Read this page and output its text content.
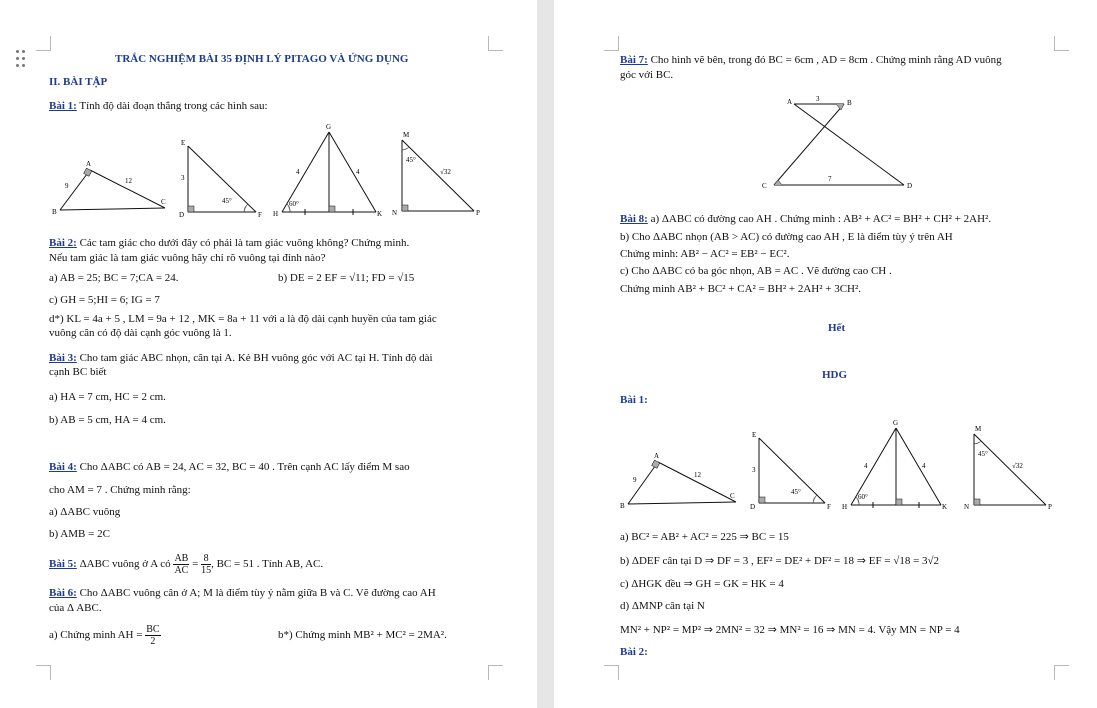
TRẮC NGHIỆM BÀI 35 ĐỊNH LÝ PITAGO VÀ ỨNG DỤNG
II. BÀI TẬP
Bài 1: Tính độ dài đoạn thẳng trong các hình sau:
A
B
C
9
12
E
D	F
3
45°
G
H	K
4	4
60°
M
N	P
45°
√32
Bài 2: Các tam giác cho dưới đây có phải là tam giác vuông không? Chứng minh.
Nếu tam giác là tam giác vuông hãy chỉ rõ vuông tại đỉnh nào?
a) AB = 25; BC = 7;CA = 24.	b) DE = 2 EF = √11; FD = √15
c) GH = 5;HI = 6; IG = 7
d*) KL = 4a + 5 , LM = 9a + 12 , MK = 8a + 11 với a là độ dài cạnh huyền của tam giác
vuông cân có độ dài cạnh góc vuông là 1.
Bài 3: Cho tam giác ABC nhọn, cân tại A. Kẻ BH vuông góc với AC tại H. Tính độ dài
cạnh BC biết
a) HA = 7 cm, HC = 2 cm.
b) AB = 5 cm, HA = 4 cm.
Bài 4: Cho ΔABC có AB = 24, AC = 32, BC = 40 . Trên cạnh AC lấy điểm M sao
cho AM = 7 . Chứng minh rằng:
a) ΔABC vuông
b) AMB = 2C
Bài 5: ΔABC vuông ở A có $\frac{AB}{AC} = \frac{8}{15}$ , BC = 51 . Tính AB, AC.
Bài 6: Cho ΔABC vuông cân ở A; M là điểm tùy ý nằm giữa B và C. Vẽ đường cao AH
của Δ ABC.
a) Chứng minh AH = $\frac{BC}{2}$	b*) Chứng minh MB² + MC² = 2MA².
Bài 7: Cho hình vẽ bên, trong đó BC = 6cm , AD = 8cm . Chứng minh rằng AD vuông
góc với BC.
A	B
C	D
3
7
Bài 8: a) ΔABC có đường cao AH . Chứng minh : AB² + AC² = BH² + CH² + 2AH².
b) Cho ΔABC nhọn (AB > AC) có đường cao AH , E là điểm tùy ý trên AH
Chứng minh: AB² − AC² = EB² − EC².
c) Cho ΔABC có ba góc nhọn, AB = AC . Vẽ đường cao CH .
Chứng minh AB² + BC² + CA² = BH² + 2AH² + 3CH².
Hết
HDG
Bài 1:
A
B
C
9
12
E
D	F
3
45°
G
H	K
4	4
60°
M
N	P
45°
√32
a) BC² = AB² + AC² = 225 ⇒ BC = 15
b) ΔDEF cân tại D ⇒ DF = 3 , EF² = DE² + DF² = 18 ⇒ EF = √18 = 3√2
c) ΔHGK đều ⇒ GH = GK = HK = 4
d) ΔMNP cân tại N
MN² + NP² = MP² ⇒ 2MN² = 32 ⇒ MN² = 16 ⇒ MN = 4. Vậy MN = NP = 4
Bài 2:
